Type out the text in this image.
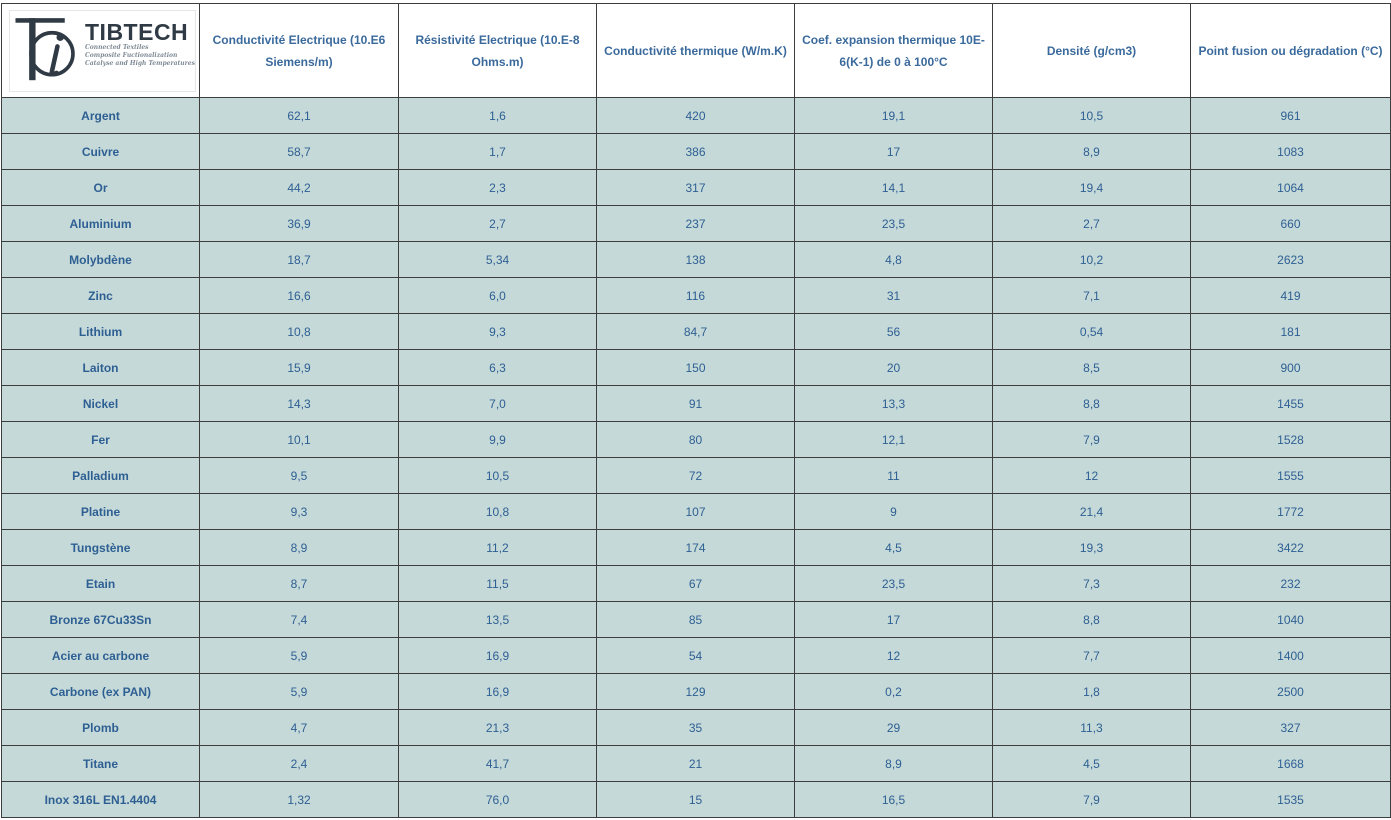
TIBTECH
Connected Textiles
Composite Fuctionalization
Catalyse and High Temperatures	Conductivité Electrique (10.E6 Siemens/m)	Résistivité Electrique (10.E-8 Ohms.m)	Conductivité thermique (W/m.K)	Coef. expansion thermique 10E-6(K-1) de 0 à 100°C	Densité (g/cm3)	Point fusion ou dégradation (°C)
Argent	62,1	1,6	420	19,1	10,5	961
Cuivre	58,7	1,7	386	17	8,9	1083
Or	44,2	2,3	317	14,1	19,4	1064
Aluminium	36,9	2,7	237	23,5	2,7	660
Molybdène	18,7	5,34	138	4,8	10,2	2623
Zinc	16,6	6,0	116	31	7,1	419
Lithium	10,8	9,3	84,7	56	0,54	181
Laiton	15,9	6,3	150	20	8,5	900
Nickel	14,3	7,0	91	13,3	8,8	1455
Fer	10,1	9,9	80	12,1	7,9	1528
Palladium	9,5	10,5	72	11	12	1555
Platine	9,3	10,8	107	9	21,4	1772
Tungstène	8,9	11,2	174	4,5	19,3	3422
Etain	8,7	11,5	67	23,5	7,3	232
Bronze 67Cu33Sn	7,4	13,5	85	17	8,8	1040
Acier au carbone	5,9	16,9	54	12	7,7	1400
Carbone (ex PAN)	5,9	16,9	129	0,2	1,8	2500
Plomb	4,7	21,3	35	29	11,3	327
Titane	2,4	41,7	21	8,9	4,5	1668
Inox 316L EN1.4404	1,32	76,0	15	16,5	7,9	1535
